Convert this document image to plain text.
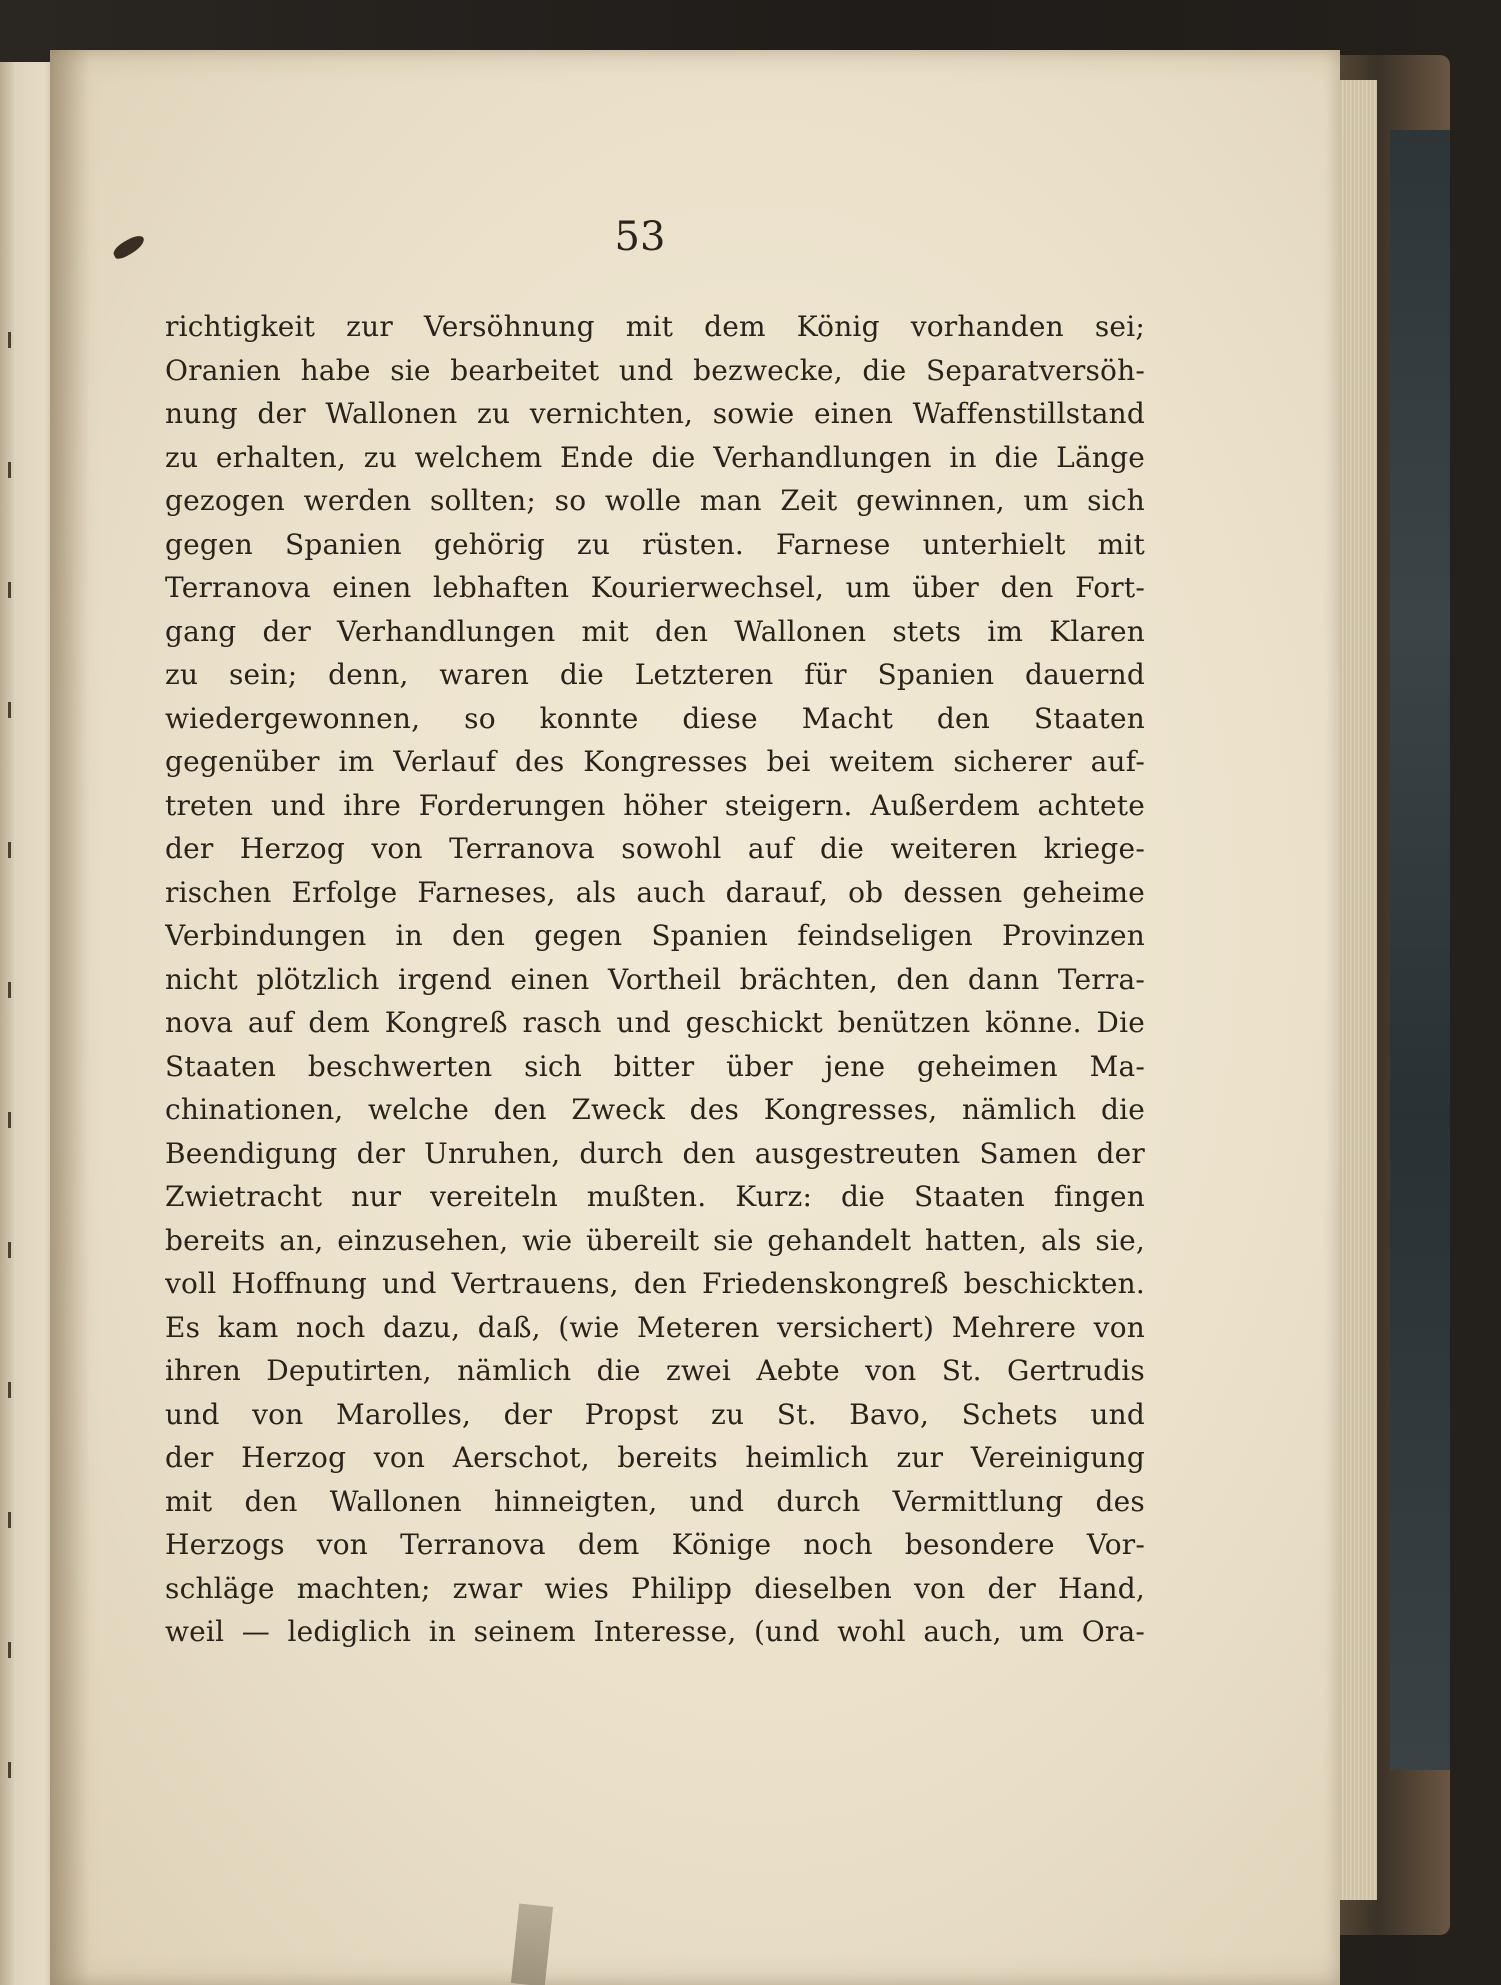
53
richtigkeit zur Versöhnung mit dem König vorhanden sei;
Oranien habe sie bearbeitet und bezwecke, die Separatversöh-
nung der Wallonen zu vernichten, sowie einen Waffenstillstand
zu erhalten, zu welchem Ende die Verhandlungen in die Länge
gezogen werden sollten; so wolle man Zeit gewinnen, um sich
gegen Spanien gehörig zu rüsten. Farnese unterhielt mit
Terranova einen lebhaften Kourierwechsel, um über den Fort-
gang der Verhandlungen mit den Wallonen stets im Klaren
zu sein; denn, waren die Letzteren für Spanien dauernd
wiedergewonnen, so konnte diese Macht den Staaten
gegenüber im Verlauf des Kongresses bei weitem sicherer auf-
treten und ihre Forderungen höher steigern. Außerdem achtete
der Herzog von Terranova sowohl auf die weiteren kriege-
rischen Erfolge Farneses, als auch darauf, ob dessen geheime
Verbindungen in den gegen Spanien feindseligen Provinzen
nicht plötzlich irgend einen Vortheil brächten, den dann Terra-
nova auf dem Kongreß rasch und geschickt benützen könne. Die
Staaten beschwerten sich bitter über jene geheimen Ma-
chinationen, welche den Zweck des Kongresses, nämlich die
Beendigung der Unruhen, durch den ausgestreuten Samen der
Zwietracht nur vereiteln mußten. Kurz: die Staaten fingen
bereits an, einzusehen, wie übereilt sie gehandelt hatten, als sie,
voll Hoffnung und Vertrauens, den Friedenskongreß beschickten.
Es kam noch dazu, daß, (wie Meteren versichert) Mehrere von
ihren Deputirten, nämlich die zwei Aebte von St. Gertrudis
und von Marolles, der Propst zu St. Bavo, Schets und
der Herzog von Aerschot, bereits heimlich zur Vereinigung
mit den Wallonen hinneigten, und durch Vermittlung des
Herzogs von Terranova dem Könige noch besondere Vor-
schläge machten; zwar wies Philipp dieselben von der Hand,
weil — lediglich in seinem Interesse, (und wohl auch, um Ora-
